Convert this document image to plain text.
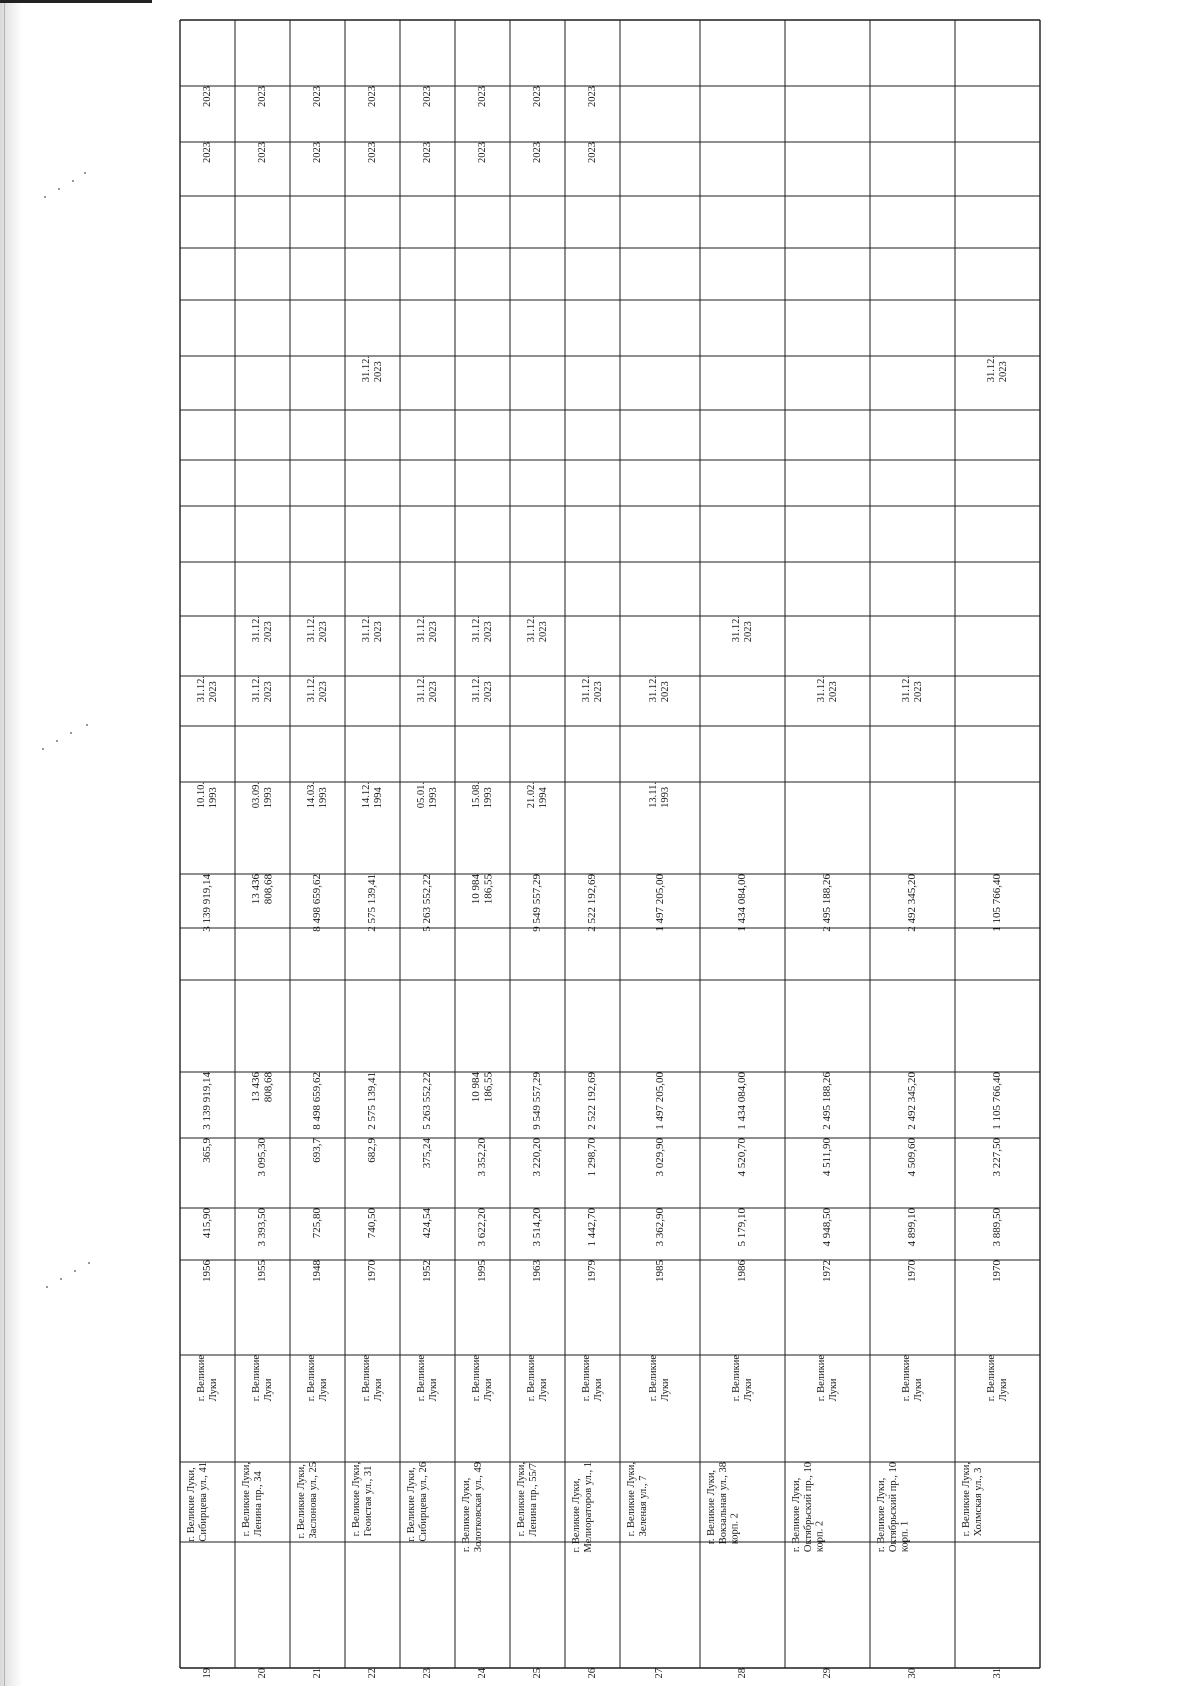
19
г. Великие Луки,
Сибирцева ул., 41
г. Великие
Луки
1956
415,90
365,9
3 139 919,14
3 139 919,14
10.10.
1993
31.12.
2023
2023
2023
20
г. Великие Луки,
Ленина пр., 34
г. Великие
Луки
1955
3 393,50
3 095,30
13 436
808,68
13 436
808,68
03.09.
1993
31.12.
2023
31.12.
2023
2023
2023
21
г. Великие Луки,
Заслонова ул., 25
г. Великие
Луки
1948
725,80
693,7
8 498 659,62
8 498 659,62
14.03.
1993
31.12.
2023
31.12.
2023
2023
2023
22
г. Великие Луки,
Геоистая ул., 31
г. Великие
Луки
1970
740,50
682,9
2 575 139,41
2 575 139,41
14.12.
1994
31.12.
2023
31.12.
2023
2023
2023
23
г. Великие Луки,
Сибирцева ул., 26
г. Великие
Луки
1952
424,54
375,24
5 263 552,22
5 263 552,22
05.01.
1993
31.12.
2023
31.12.
2023
2023
2023
24
г. Великие Луки,
Золотковская ул., 49
г. Великие
Луки
1995
3 622,20
3 352,20
10 984
186,55
10 984
186,55
15.08.
1993
31.12.
2023
31.12.
2023
2023
2023
25
г. Великие Луки,
Ленина пр., 55/7
г. Великие
Луки
1963
3 514,20
3 220,20
9 549 557,29
9 549 557,29
21.02.
1994
31.12.
2023
2023
2023
26
г. Великие Луки,
Мелиораторов ул., 1
г. Великие
Луки
1979
1 442,70
1 298,70
2 522 192,69
2 522 192,69
31.12.
2023
2023
2023
27
г. Великие Луки,
Зеленая ул., 7
г. Великие
Луки
1985
3 362,90
3 029,90
1 497 205,00
1 497 205,00
13.11.
1993
31.12.
2023
28
г. Великие Луки,
Вокзальная ул., 38
корп. 2
г. Великие
Луки
1986
5 179,10
4 520,70
1 434 084,00
1 434 084,00
31.12.
2023
29
г. Великие Луки,
Октябрьский пр., 10
корп. 2
г. Великие
Луки
1972
4 948,50
4 511,90
2 495 188,26
2 495 188,26
31.12.
2023
30
г. Великие Луки,
Октябрьский пр., 10
корп. 1
г. Великие
Луки
1970
4 899,10
4 509,60
2 492 345,20
2 492 345,20
31.12.
2023
31
г. Великие Луки,
Холмская ул., 3
г. Великие
Луки
1970
3 889,50
3 227,50
1 105 766,40
1 105 766,40
31.12.
2023
